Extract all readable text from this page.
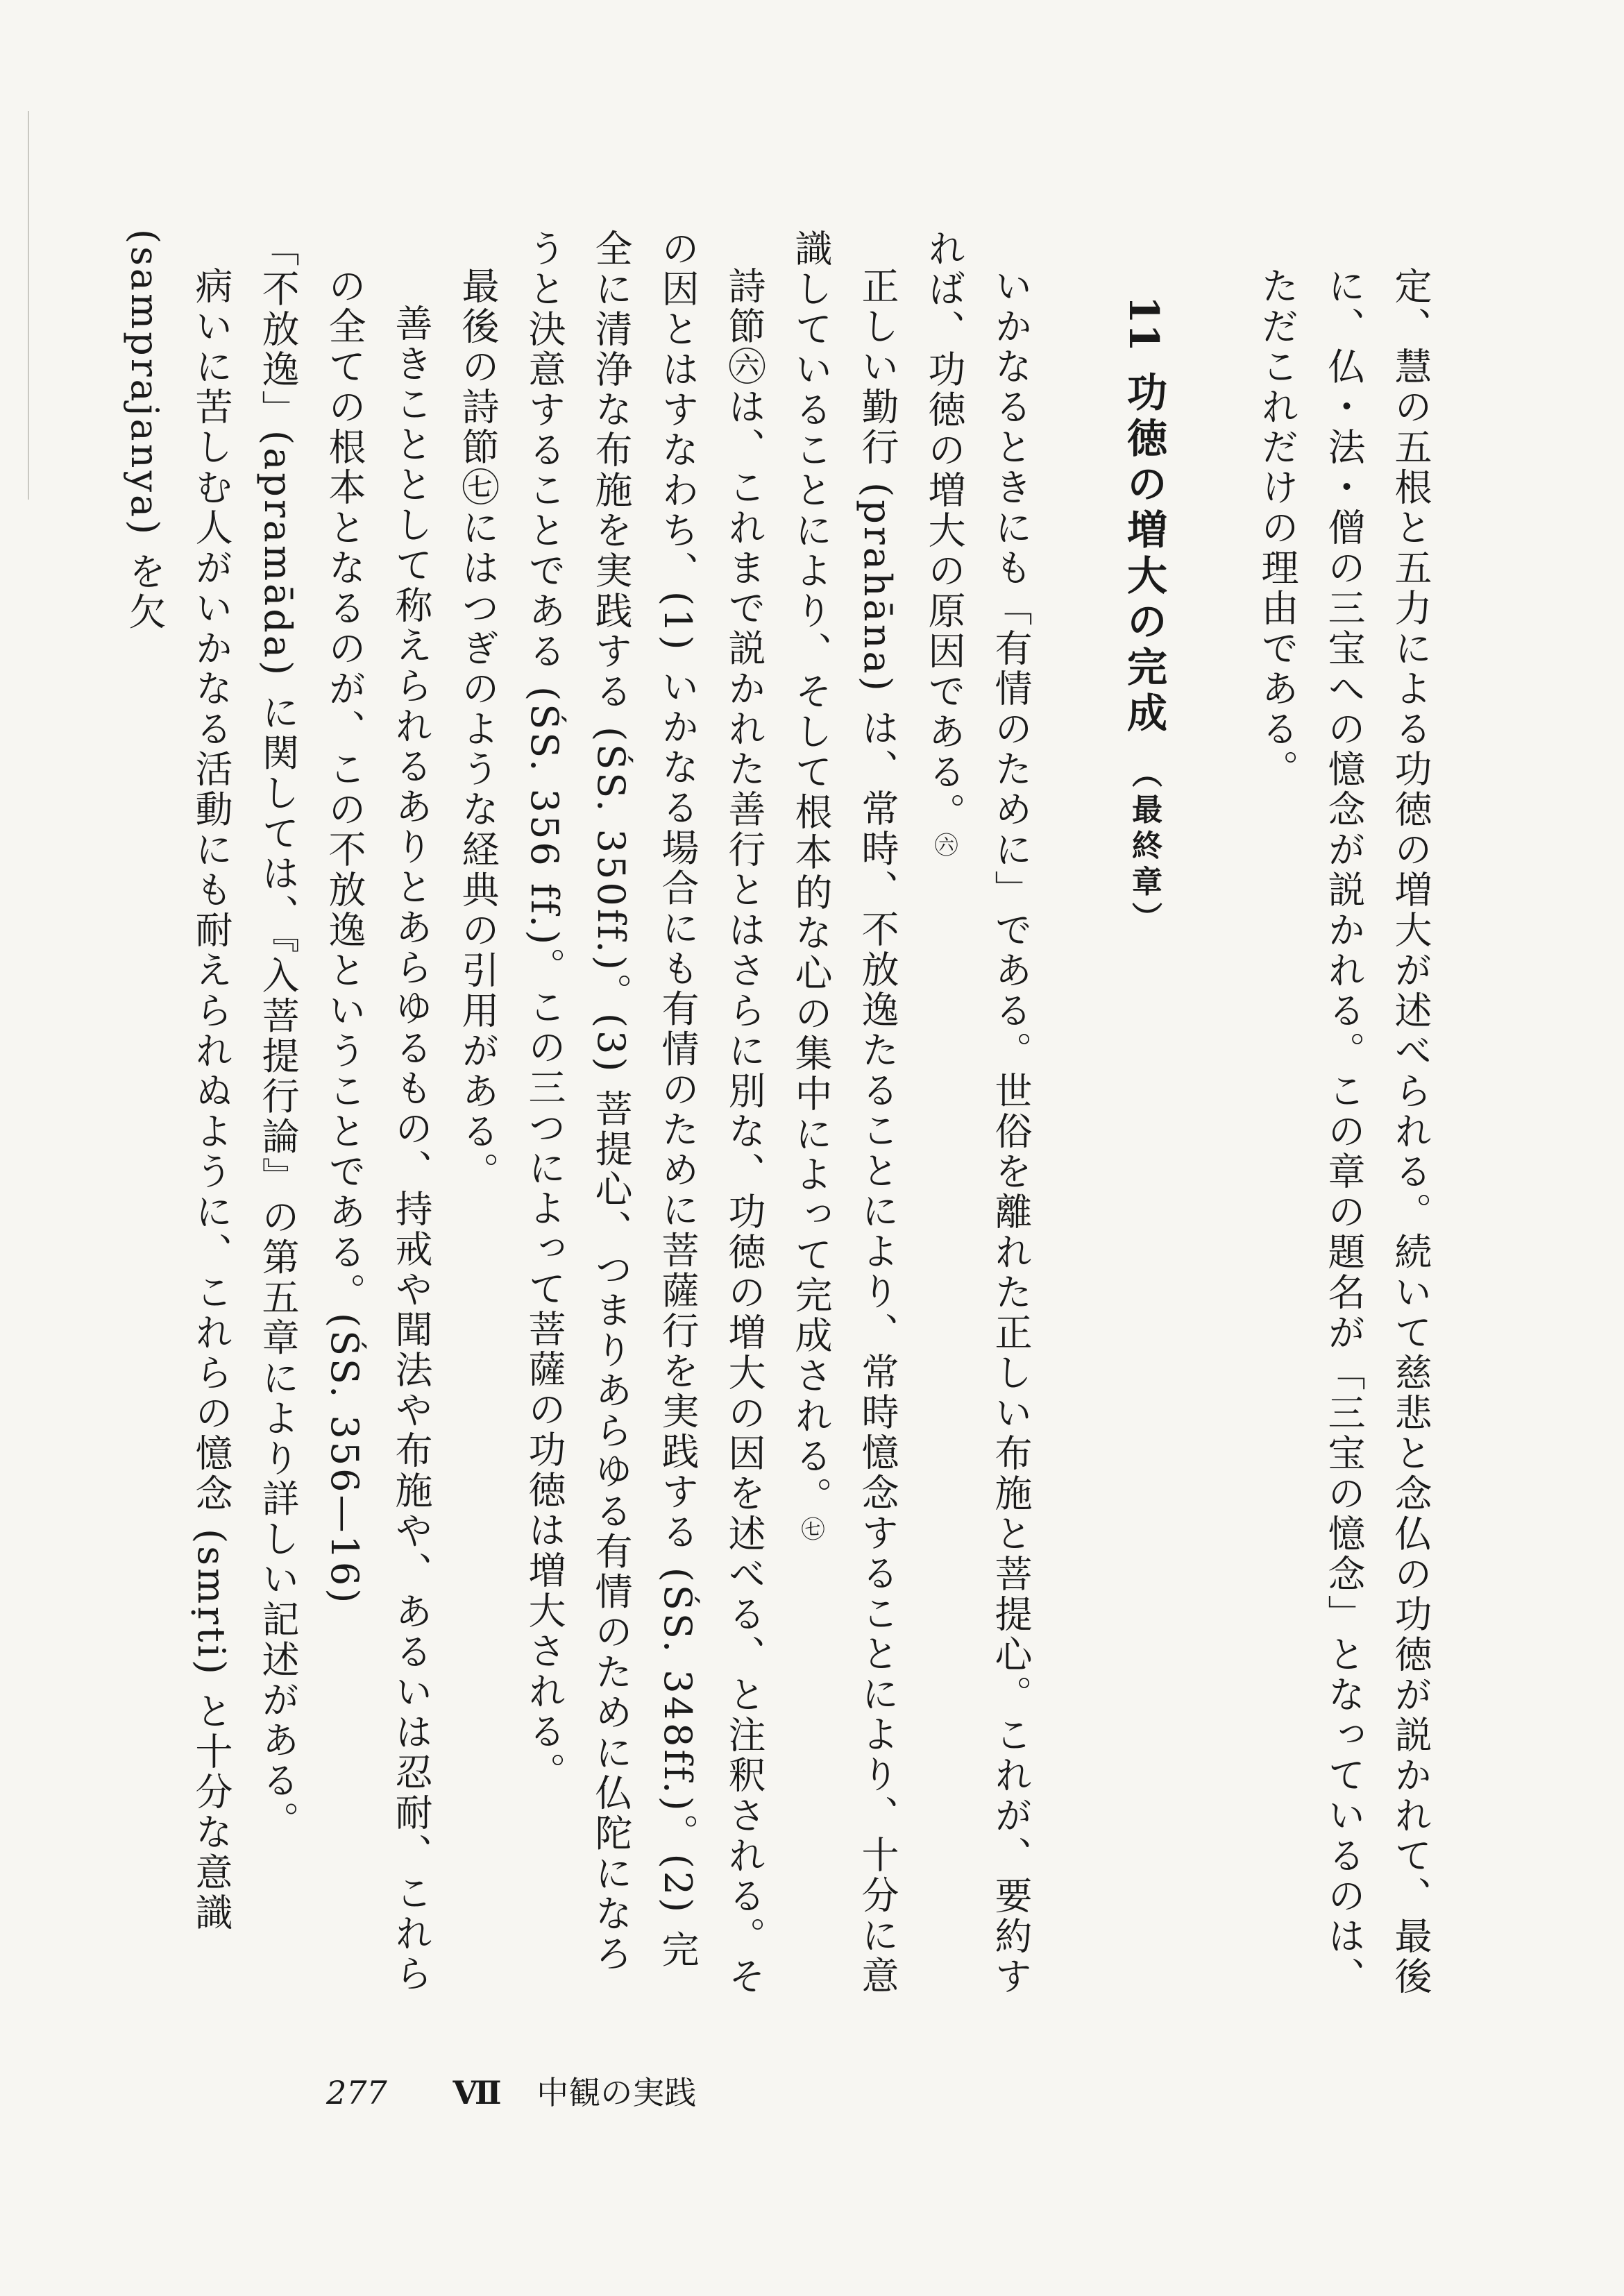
定、慧の五根と五力による功徳の増大が述べられる。続いて慈悲と念仏の功徳が説かれて、最後に、仏・法・僧の三宝への憶念が説かれる。この章の題名が「三宝の憶念」となっているのは、ただこれだけの理由である。

11 功徳の増大の完成 （最終章）

いかなるときにも「有情のために」である。世俗を離れた正しい布施と菩提心。これが、要約すれば、功徳の増大の原因である。㊅

正しい勤行 (prahāna) は、常時、不放逸たることにより、常時憶念することにより、十分に意識していることにより、そして根本的な心の集中によって完成される。㊆

詩節㊅は、これまで説かれた善行とはさらに別な、功徳の増大の因を述べる、と注釈される。その因とはすなわち、(1) いかなる場合にも有情のために菩薩行を実践する (ŚS. 348ff.)。(2) 完全に清浄な布施を実践する (ŚS. 350ff.)。(3) 菩提心、つまりあらゆる有情のために仏陀になろうと決意することである (ŚS. 356 ff.)。この三つによって菩薩の功徳は増大される。

最後の詩節㊆にはつぎのような経典の引用がある。

善きこととして称えられるありとあらゆるもの、持戒や聞法や布施や、あるいは忍耐、これらの全ての根本となるのが、この不放逸ということである。(ŚS. 356—16)

「不放逸」(apramāda) に関しては、『入菩提行論』の第五章により詳しい記述がある。

病いに苦しむ人がいかなる活動にも耐えられぬように、これらの憶念 (smṛti) と十分な意識 (samprajanya) を欠

277 Ⅶ 中観の実践
